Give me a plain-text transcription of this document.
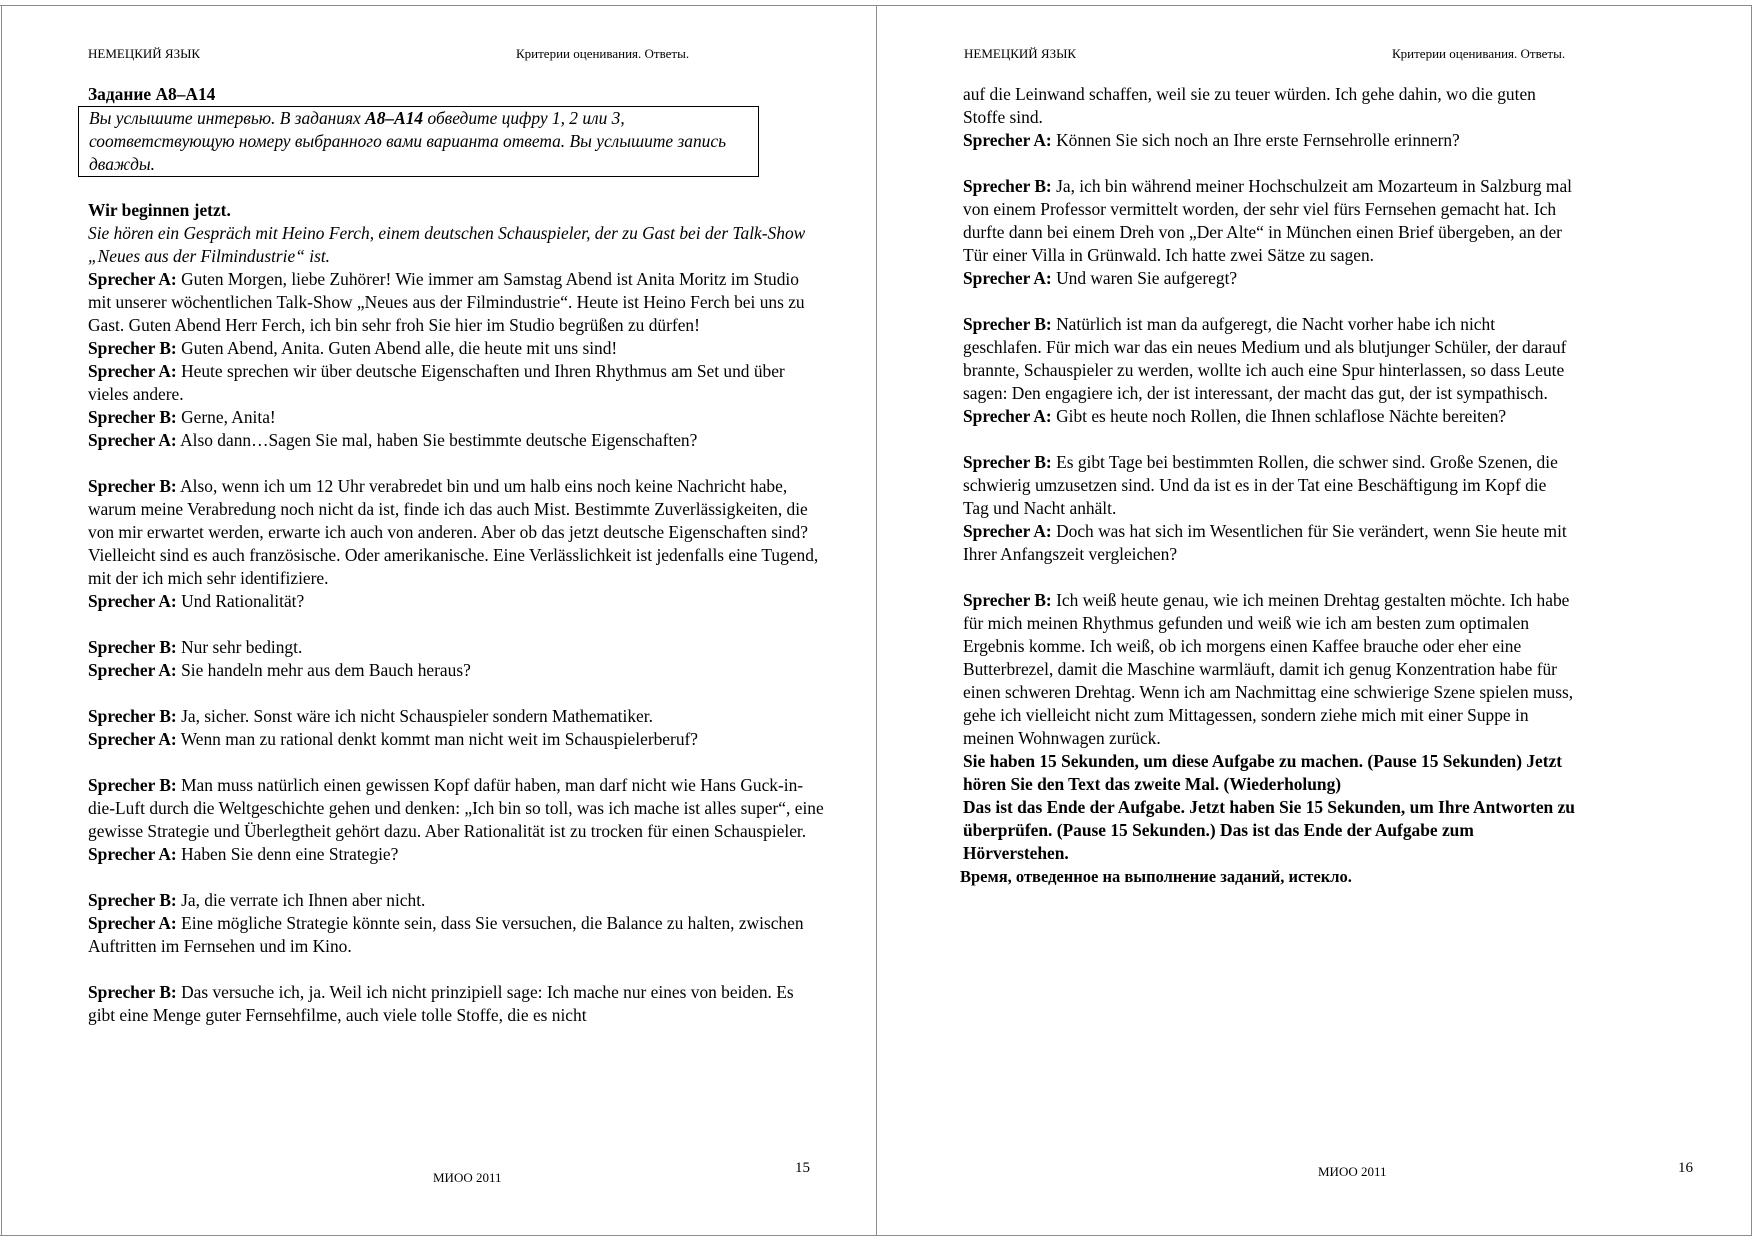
НЕМЕЦКИЙ ЯЗЫК	Критерии оценивания. Ответы.

Задание А8–А14

Вы услышите интервью. В заданиях А8–А14 обведите цифру 1, 2 или 3, соответствующую номеру выбранного вами варианта ответа. Вы услышите запись дважды.

Wir beginnen jetzt.

Sie hören ein Gespräch mit Heino Ferch, einem deutschen Schauspieler, der zu Gast bei der Talk-Show „Neues aus der Filmindustrie“ ist.

Sprecher A: Guten Morgen, liebe Zuhörer! Wie immer am Samstag Abend ist Anita Moritz im Studio mit unserer wöchentlichen Talk-Show „Neues aus der Filmindustrie“. Heute ist Heino Ferch bei uns zu Gast. Guten Abend Herr Ferch, ich bin sehr froh Sie hier im Studio begrüßen zu dürfen!

Sprecher B: Guten Abend, Anita. Guten Abend alle, die heute mit uns sind!

Sprecher A: Heute sprechen wir über deutsche Eigenschaften und Ihren Rhythmus am Set und über vieles andere.

Sprecher B: Gerne, Anita!

Sprecher A: Also dann…Sagen Sie mal, haben Sie bestimmte deutsche Eigenschaften?

Sprecher B: Also, wenn ich um 12 Uhr verabredet bin und um halb eins noch keine Nachricht habe, warum meine Verabredung noch nicht da ist, finde ich das auch Mist. Bestimmte Zuverlässigkeiten, die von mir erwartet werden, erwarte ich auch von anderen. Aber ob das jetzt deutsche Eigenschaften sind? Vielleicht sind es auch französische. Oder amerikanische. Eine Verlässlichkeit ist jedenfalls eine Tugend, mit der ich mich sehr identifiziere.

Sprecher A: Und Rationalität?

Sprecher B: Nur sehr bedingt.

Sprecher A: Sie handeln mehr aus dem Bauch heraus?

Sprecher B: Ja, sicher. Sonst wäre ich nicht Schauspieler sondern Mathematiker.

Sprecher A: Wenn man zu rational denkt kommt man nicht weit im Schauspielerberuf?

Sprecher B: Man muss natürlich einen gewissen Kopf dafür haben, man darf nicht wie Hans Guck-in-die-Luft durch die Weltgeschichte gehen und denken: „Ich bin so toll, was ich mache ist alles super“, eine gewisse Strategie und Überlegtheit gehört dazu. Aber Rationalität ist zu trocken für einen Schauspieler.

Sprecher A: Haben Sie denn eine Strategie?

Sprecher B: Ja, die verrate ich Ihnen aber nicht.

Sprecher A: Eine mögliche Strategie könnte sein, dass Sie versuchen, die Balance zu halten, zwischen Auftritten im Fernsehen und im Kino.

Sprecher B: Das versuche ich, ja. Weil ich nicht prinzipiell sage: Ich mache nur eines von beiden. Es gibt eine Menge guter Fernsehfilme, auch viele tolle Stoffe, die es nicht

МИОО 2011
15
НЕМЕЦКИЙ ЯЗЫК	Критерии оценивания. Ответы.

auf die Leinwand schaffen, weil sie zu teuer würden. Ich gehe dahin, wo die guten Stoffe sind.

Sprecher A: Können Sie sich noch an Ihre erste Fernsehrolle erinnern?

Sprecher B: Ja, ich bin während meiner Hochschulzeit am Mozarteum in Salzburg mal von einem Professor vermittelt worden, der sehr viel fürs Fernsehen gemacht hat. Ich durfte dann bei einem Dreh von „Der Alte“ in München einen Brief übergeben, an der Tür einer Villa in Grünwald. Ich hatte zwei Sätze zu sagen.

Sprecher A: Und waren Sie aufgeregt?

Sprecher B: Natürlich ist man da aufgeregt, die Nacht vorher habe ich nicht geschlafen. Für mich war das ein neues Medium und als blutjunger Schüler, der darauf brannte, Schauspieler zu werden, wollte ich auch eine Spur hinterlassen, so dass Leute sagen: Den engagiere ich, der ist interessant, der macht das gut, der ist sympathisch.

Sprecher A: Gibt es heute noch Rollen, die Ihnen schlaflose Nächte bereiten?

Sprecher B: Es gibt Tage bei bestimmten Rollen, die schwer sind. Große Szenen, die schwierig umzusetzen sind. Und da ist es in der Tat eine Beschäftigung im Kopf die Tag und Nacht anhält.

Sprecher A: Doch was hat sich im Wesentlichen für Sie verändert, wenn Sie heute mit Ihrer Anfangszeit vergleichen?

Sprecher B: Ich weiß heute genau, wie ich meinen Drehtag gestalten möchte. Ich habe für mich meinen Rhythmus gefunden und weiß wie ich am besten zum optimalen Ergebnis komme. Ich weiß, ob ich morgens einen Kaffee brauche oder eher eine Butterbrezel, damit die Maschine warmläuft, damit ich genug Konzentration habe für einen schweren Drehtag. Wenn ich am Nachmittag eine schwierige Szene spielen muss, gehe ich vielleicht nicht zum Mittagessen, sondern ziehe mich mit einer Suppe in meinen Wohnwagen zurück.

Sie haben 15 Sekunden, um diese Aufgabe zu machen. (Pause 15 Sekunden) Jetzt hören Sie den Text das zweite Mal. (Wiederholung)

Das ist das Ende der Aufgabe. Jetzt haben Sie 15 Sekunden, um Ihre Antworten zu überprüfen. (Pause 15 Sekunden.) Das ist das Ende der Aufgabe zum Hörverstehen.

Время, отведенное на выполнение заданий, истекло.

МИОО 2011	16
